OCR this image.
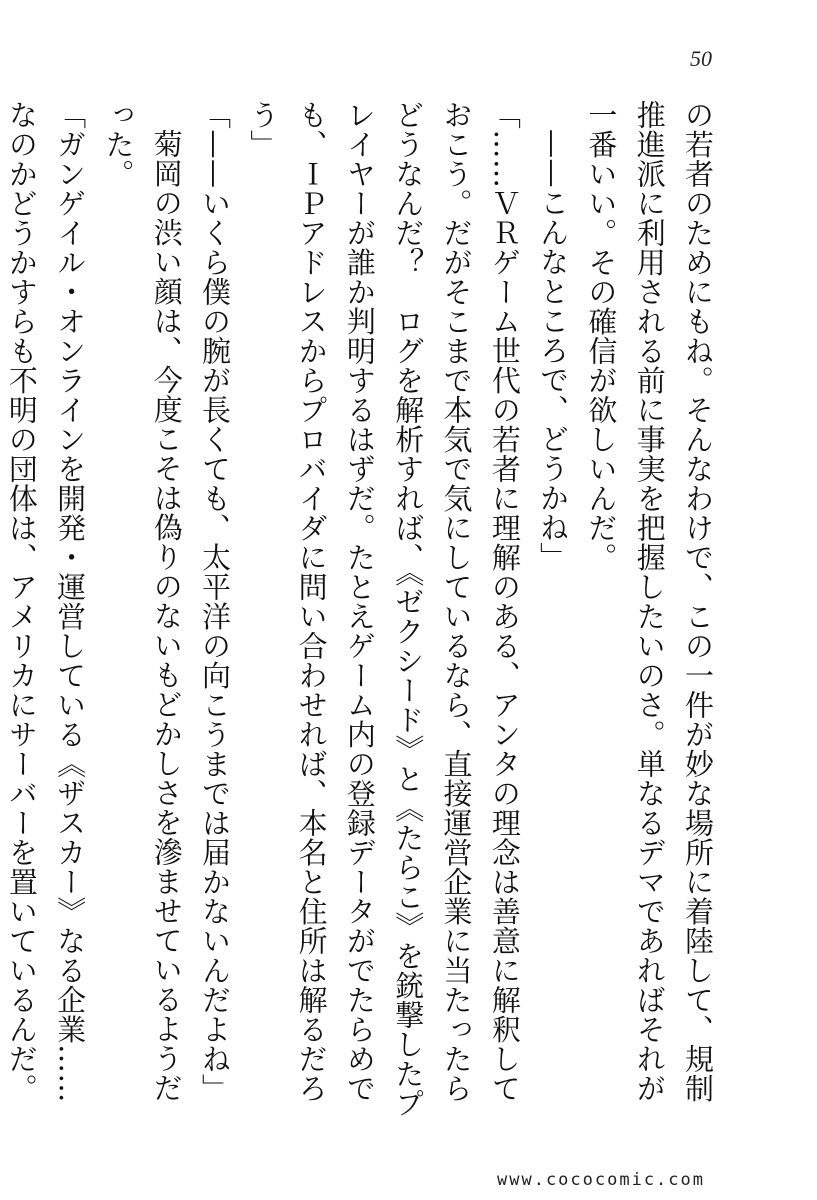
50

の若者のためにもね。そんなわけで、この一件が妙な場所に着陸して、規制推進派に利用される前に事実を把握したいのさ。単なるデマであればそれが一番いい。その確信が欲しいんだ。

——こんなところで、どうかね」

「……ＶＲゲーム世代の若者に理解のある、アンタの理念は善意に解釈しておこう。だがそこまで本気で気にしているなら、直接運営企業に当たったらどうなんだ？　ログを解析すれば、《ゼクシード》と《たらこ》を銃撃したプレイヤーが誰か判明するはずだ。たとえゲーム内の登録データがでたらめでも、ＩＰアドレスからプロバイダに問い合わせれば、本名と住所は解るだろう」

「——いくら僕の腕が長くても、太平洋の向こうまでは届かないんだよね」

菊岡の渋い顔は、今度こそは偽りのないもどかしさを滲ませているようだった。

「ガンゲイル・オンラインを開発・運営している《ザスカー》なる企業……なのかどうかすらも不明の団体は、アメリカにサーバーを置いているんだ。

www.cococomic.com
